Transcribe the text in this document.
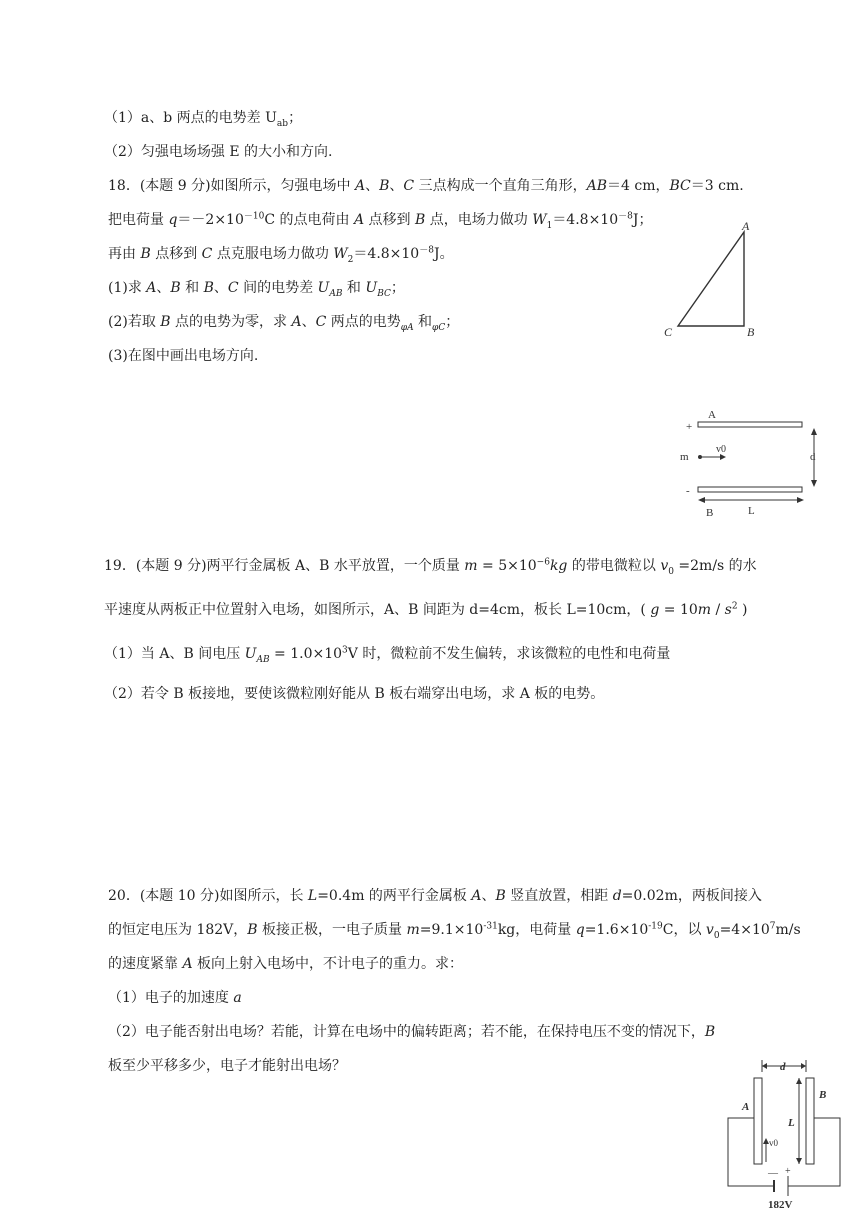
（1）a、b 两点的电势差 $U_{ab}$；
（2）匀强电场场强 E 的大小和方向.
18．(本题 9 分)如图所示，匀强电场中 A、B、C 三点构成一个直角三角形，AB＝4 cm，BC＝3 cm.
把电荷量 $q=-2\times 10^{-10}C$ 的点电荷由 A 点移到 B 点，电场力做功 $W_1=4.8\times 10^{-8}J$；
再由 B 点移到 C 点克服电场力做功 $W_2=4.8\times 10^{-8}J$。
(1)求 A、B 和 B、C 间的电势差 $U_{AB}$ 和 $U_{BC}$；
(2)若取 B 点的电势为零，求 A、C 两点的电势$_{\varphi A}$ 和$_{\varphi C}$；
(3)在图中画出电场方向.
19．(本题 9 分)两平行金属板 A、B 水平放置，一个质量 $m = 5\times 10^{-6}kg$ 的带电微粒以 $v_0 =2m/s$ 的水
平速度从两板正中位置射入电场，如图所示，A、B 间距为 d=4cm，板长 L=10cm，( $g = 10m / s^2$ )
（1）当 A、B 间电压 $U_{AB} = 1.0\times 10^3V$ 时，微粒前不发生偏转，求该微粒的电性和电荷量
（2）若令 B 板接地，要使该微粒刚好能从 B 板右端穿出电场，求 A 板的电势。
20．(本题 10 分)如图所示，长 L=0.4m 的两平行金属板 A、B 竖直放置，相距 d=0.02m，两板间接入
的恒定电压为 182V，B 板接正极，一电子质量 $m=9.1\times 10^{-31}kg$，电荷量 $q=1.6\times 10^{-19}C$，以 $v_0=4\times 10^7m/s$
的速度紧靠 A 板向上射入电场中，不计电子的重力。求：
（1）电子的加速度 a
（2）电子能否射出电场？若能，计算在电场中的偏转距离；若不能，在保持电压不变的情况下，B
板至少平移多少，电子才能射出电场？
A
B
C
A
+
v0
m	d
-
B	L
d
A
B
L
v0
— +
182V
